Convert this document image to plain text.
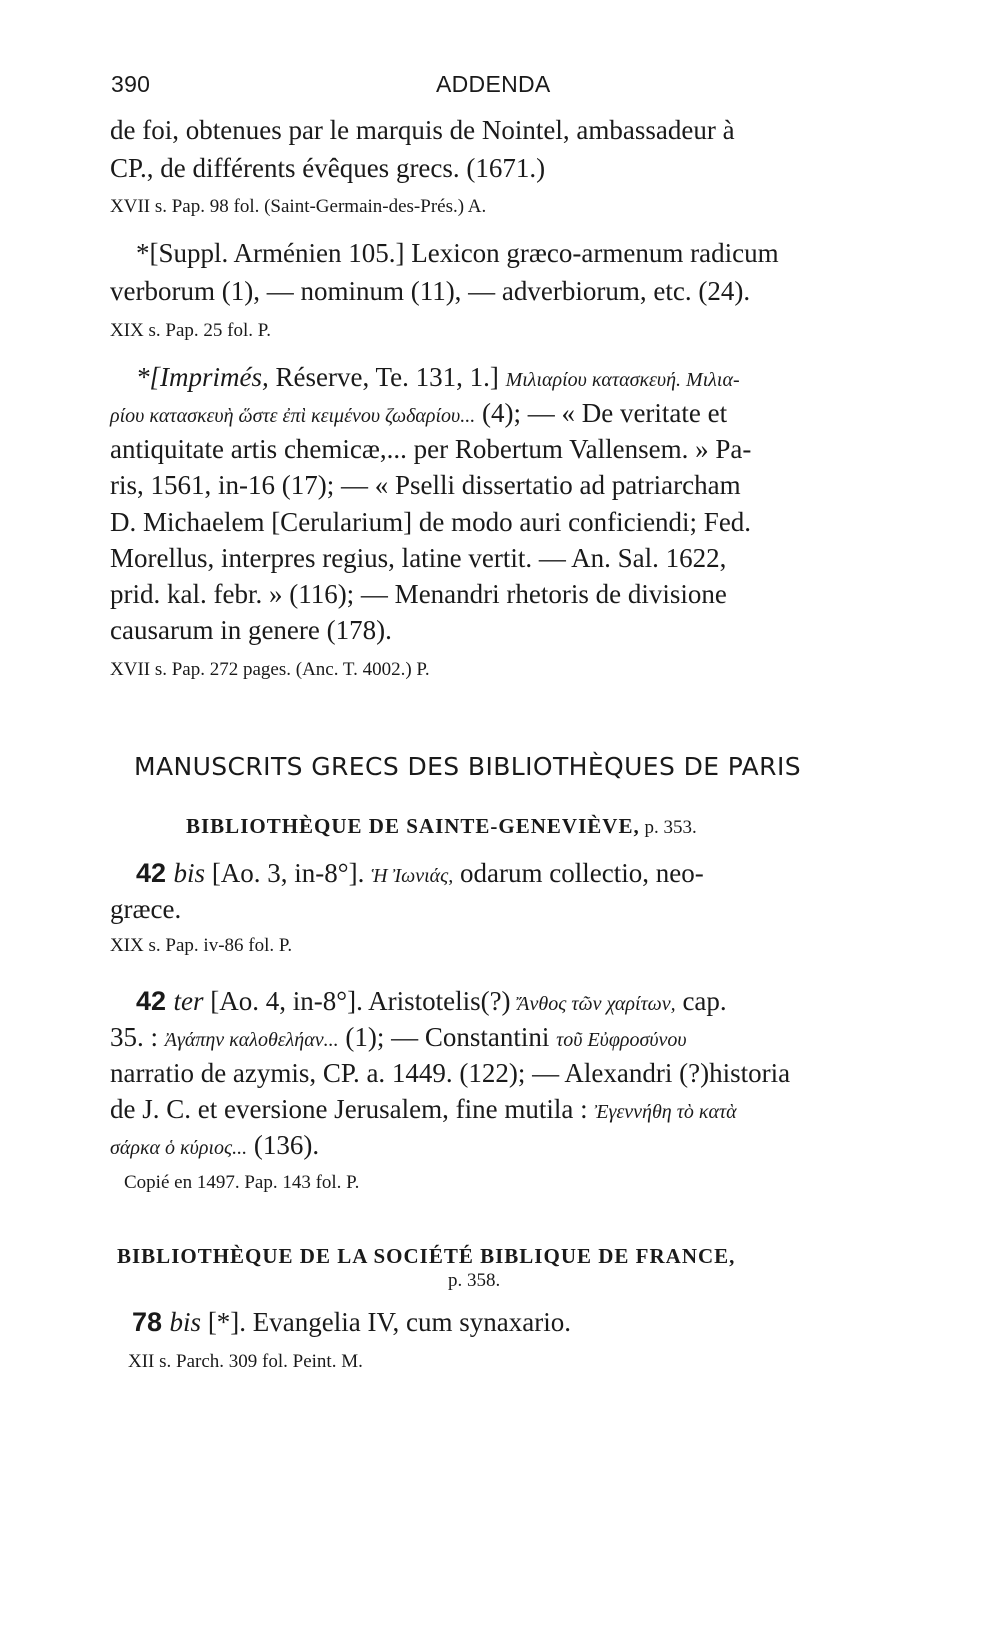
390	ADDENDA
de foi, obtenues par le marquis de Nointel, ambassadeur à
CP., de différents évêques grecs. (1671.)
XVII s. Pap. 98 fol. (Saint-Germain-des-Prés.) A.
*[Suppl. Arménien 105.] Lexicon græco-armenum radicum
verborum (1), — nominum (11), — adverbiorum, etc. (24).
XIX s. Pap. 25 fol. P.
*[Imprimés, Réserve, Te. 131, 1.] Μιλιαρίου κατασκευή. Μιλια-
ρίου κατασκευὴ ὥστε ἐπὶ κειμένου ζωδαρίου... (4); — « De veritate et
antiquitate artis chemicæ,... per Robertum Vallensem. » Pa-
ris, 1561, in-16 (17); — « Pselli dissertatio ad patriarcham
D. Michaelem [Cerularium] de modo auri conficiendi; Fed.
Morellus, interpres regius, latine vertit. — An. Sal. 1622,
prid. kal. febr. » (116); — Menandri rhetoris de divisione
causarum in genere (178).
XVII s. Pap. 272 pages. (Anc. T. 4002.) P.
MANUSCRITS GRECS DES BIBLIOTHÈQUES DE PARIS
BIBLIOTHÈQUE DE SAINTE-GENEVIÈVE, p. 353.
42 bis [Ao. 3, in-8°]. Ἡ Ἰωνιάς, odarum collectio, neo-
græce.
XIX s. Pap. iv-86 fol. P.
42 ter [Ao. 4, in-8°]. Aristotelis(?) Ἄνθος τῶν χαρίτων, cap.
35. : Ἀγάπην καλοθελήαν... (1); — Constantini τοῦ Εὐφροσύνου
narratio de azymis, CP. a. 1449. (122); — Alexandri (?)historia
de J. C. et eversione Jerusalem, fine mutila : Ἐγεννήθη τὸ κατὰ
σάρκα ὁ κύριος... (136).
Copié en 1497. Pap. 143 fol. P.
BIBLIOTHÈQUE DE LA SOCIÉTÉ BIBLIQUE DE FRANCE,
p. 358.
78 bis [*]. Evangelia IV, cum synaxario.
XII s. Parch. 309 fol. Peint. M.
